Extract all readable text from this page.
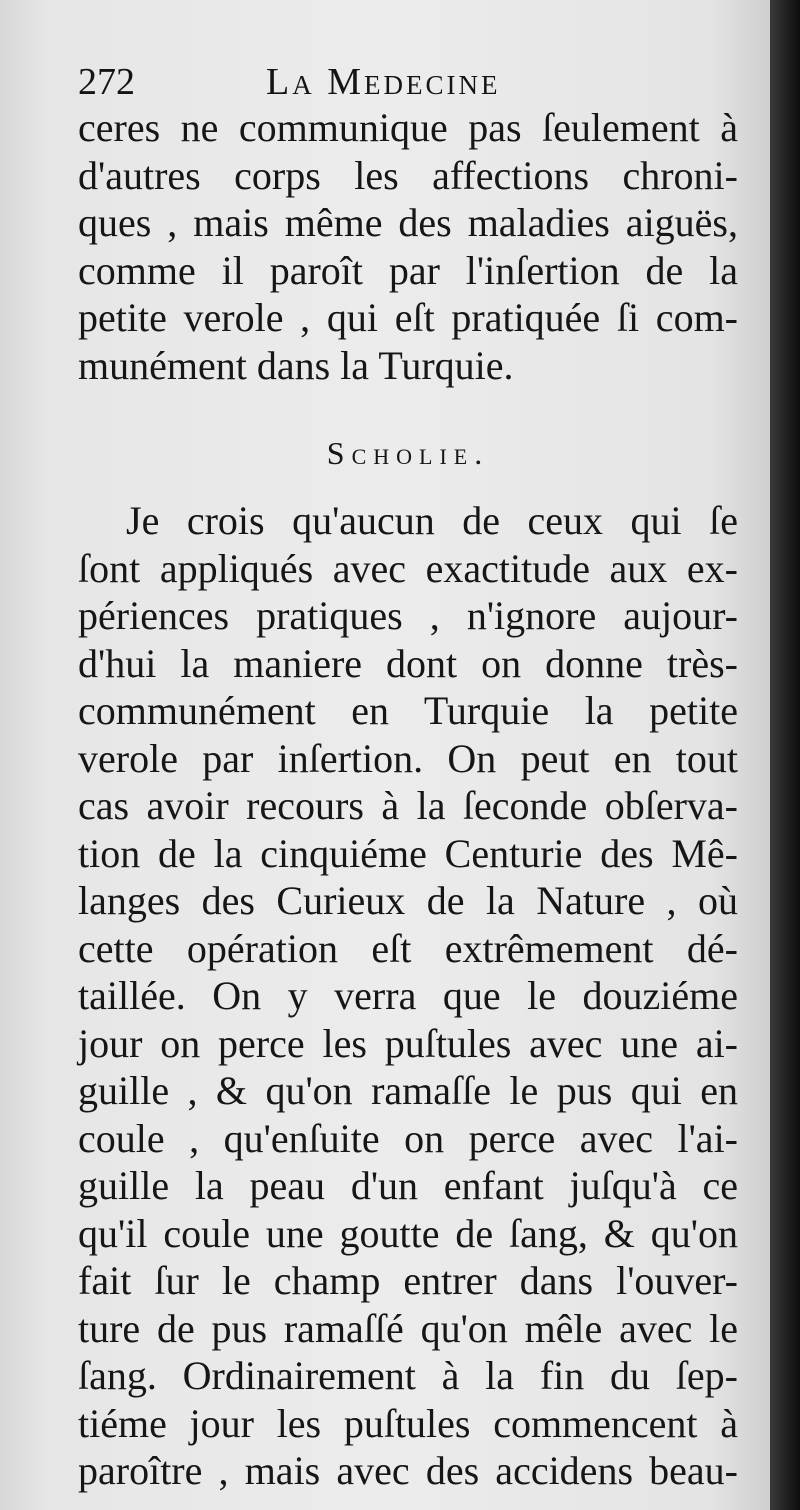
272	La Medecine
ceres ne communique pas ſeulement à
d'autres corps les affections chroni-
ques , mais même des maladies aiguës,
comme il paroît par l'inſertion de la
petite verole , qui eſt pratiquée ſi com-
munément dans la Turquie.
Scholie.
Je crois qu'aucun de ceux qui ſe
ſont appliqués avec exactitude aux ex-
périences pratiques , n'ignore aujour-
d'hui la maniere dont on donne très-
communément en Turquie la petite
verole par inſertion. On peut en tout
cas avoir recours à la ſeconde obſerva-
tion de la cinquiéme Centurie des Mê-
langes des Curieux de la Nature , où
cette opération eſt extrêmement dé-
taillée. On y verra que le douziéme
jour on perce les puſtules avec une ai-
guille , & qu'on ramaſſe le pus qui en
coule , qu'enſuite on perce avec l'ai-
guille la peau d'un enfant juſqu'à ce
qu'il coule une goutte de ſang, & qu'on
fait ſur le champ entrer dans l'ouver-
ture de pus ramaſſé qu'on mêle avec le
ſang. Ordinairement à la fin du ſep-
tiéme jour les puſtules commencent à
paroître , mais avec des accidens beau-
